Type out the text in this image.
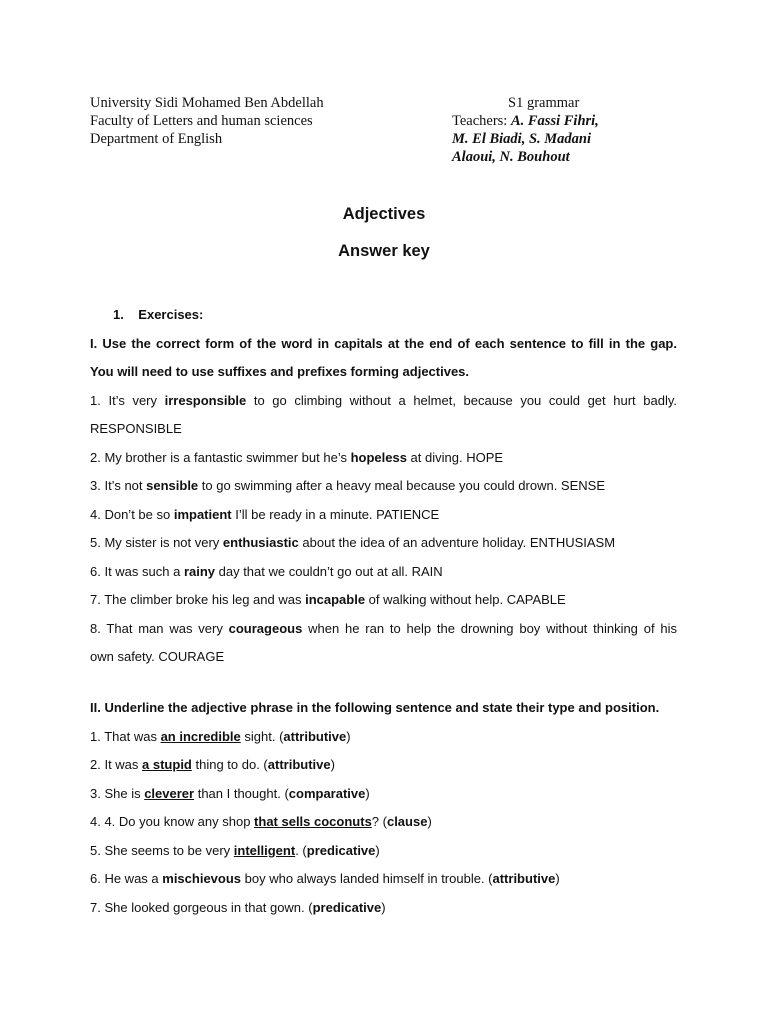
University Sidi Mohamed Ben Abdellah
Faculty of Letters and human sciences
Department of English
S1 grammar
Teachers: A. Fassi Fihri,
M. El Biadi, S. Madani
Alaoui, N. Bouhout
Adjectives
Answer key
1. Exercises:
I. Use the correct form of the word in capitals at the end of each sentence to fill in the gap.
You will need to use suffixes and prefixes forming adjectives.
1. It’s very irresponsible to go climbing without a helmet, because you could get hurt badly.
RESPONSIBLE
2. My brother is a fantastic swimmer but he’s hopeless at diving. HOPE
3. It’s not sensible to go swimming after a heavy meal because you could drown. SENSE
4. Don’t be so impatient I’ll be ready in a minute. PATIENCE
5. My sister is not very enthusiastic about the idea of an adventure holiday. ENTHUSIASM
6. It was such a rainy day that we couldn’t go out at all. RAIN
7. The climber broke his leg and was incapable of walking without help. CAPABLE
8. That man was very courageous when he ran to help the drowning boy without thinking of his
own safety. COURAGE
II. Underline the adjective phrase in the following sentence and state their type and position.
1. That was an incredible sight. (attributive)
2. It was a stupid thing to do. (attributive)
3. She is cleverer than I thought. (comparative)
4. 4. Do you know any shop that sells coconuts? (clause)
5. She seems to be very intelligent. (predicative)
6. He was a mischievous boy who always landed himself in trouble. (attributive)
7. She looked gorgeous in that gown. (predicative)
